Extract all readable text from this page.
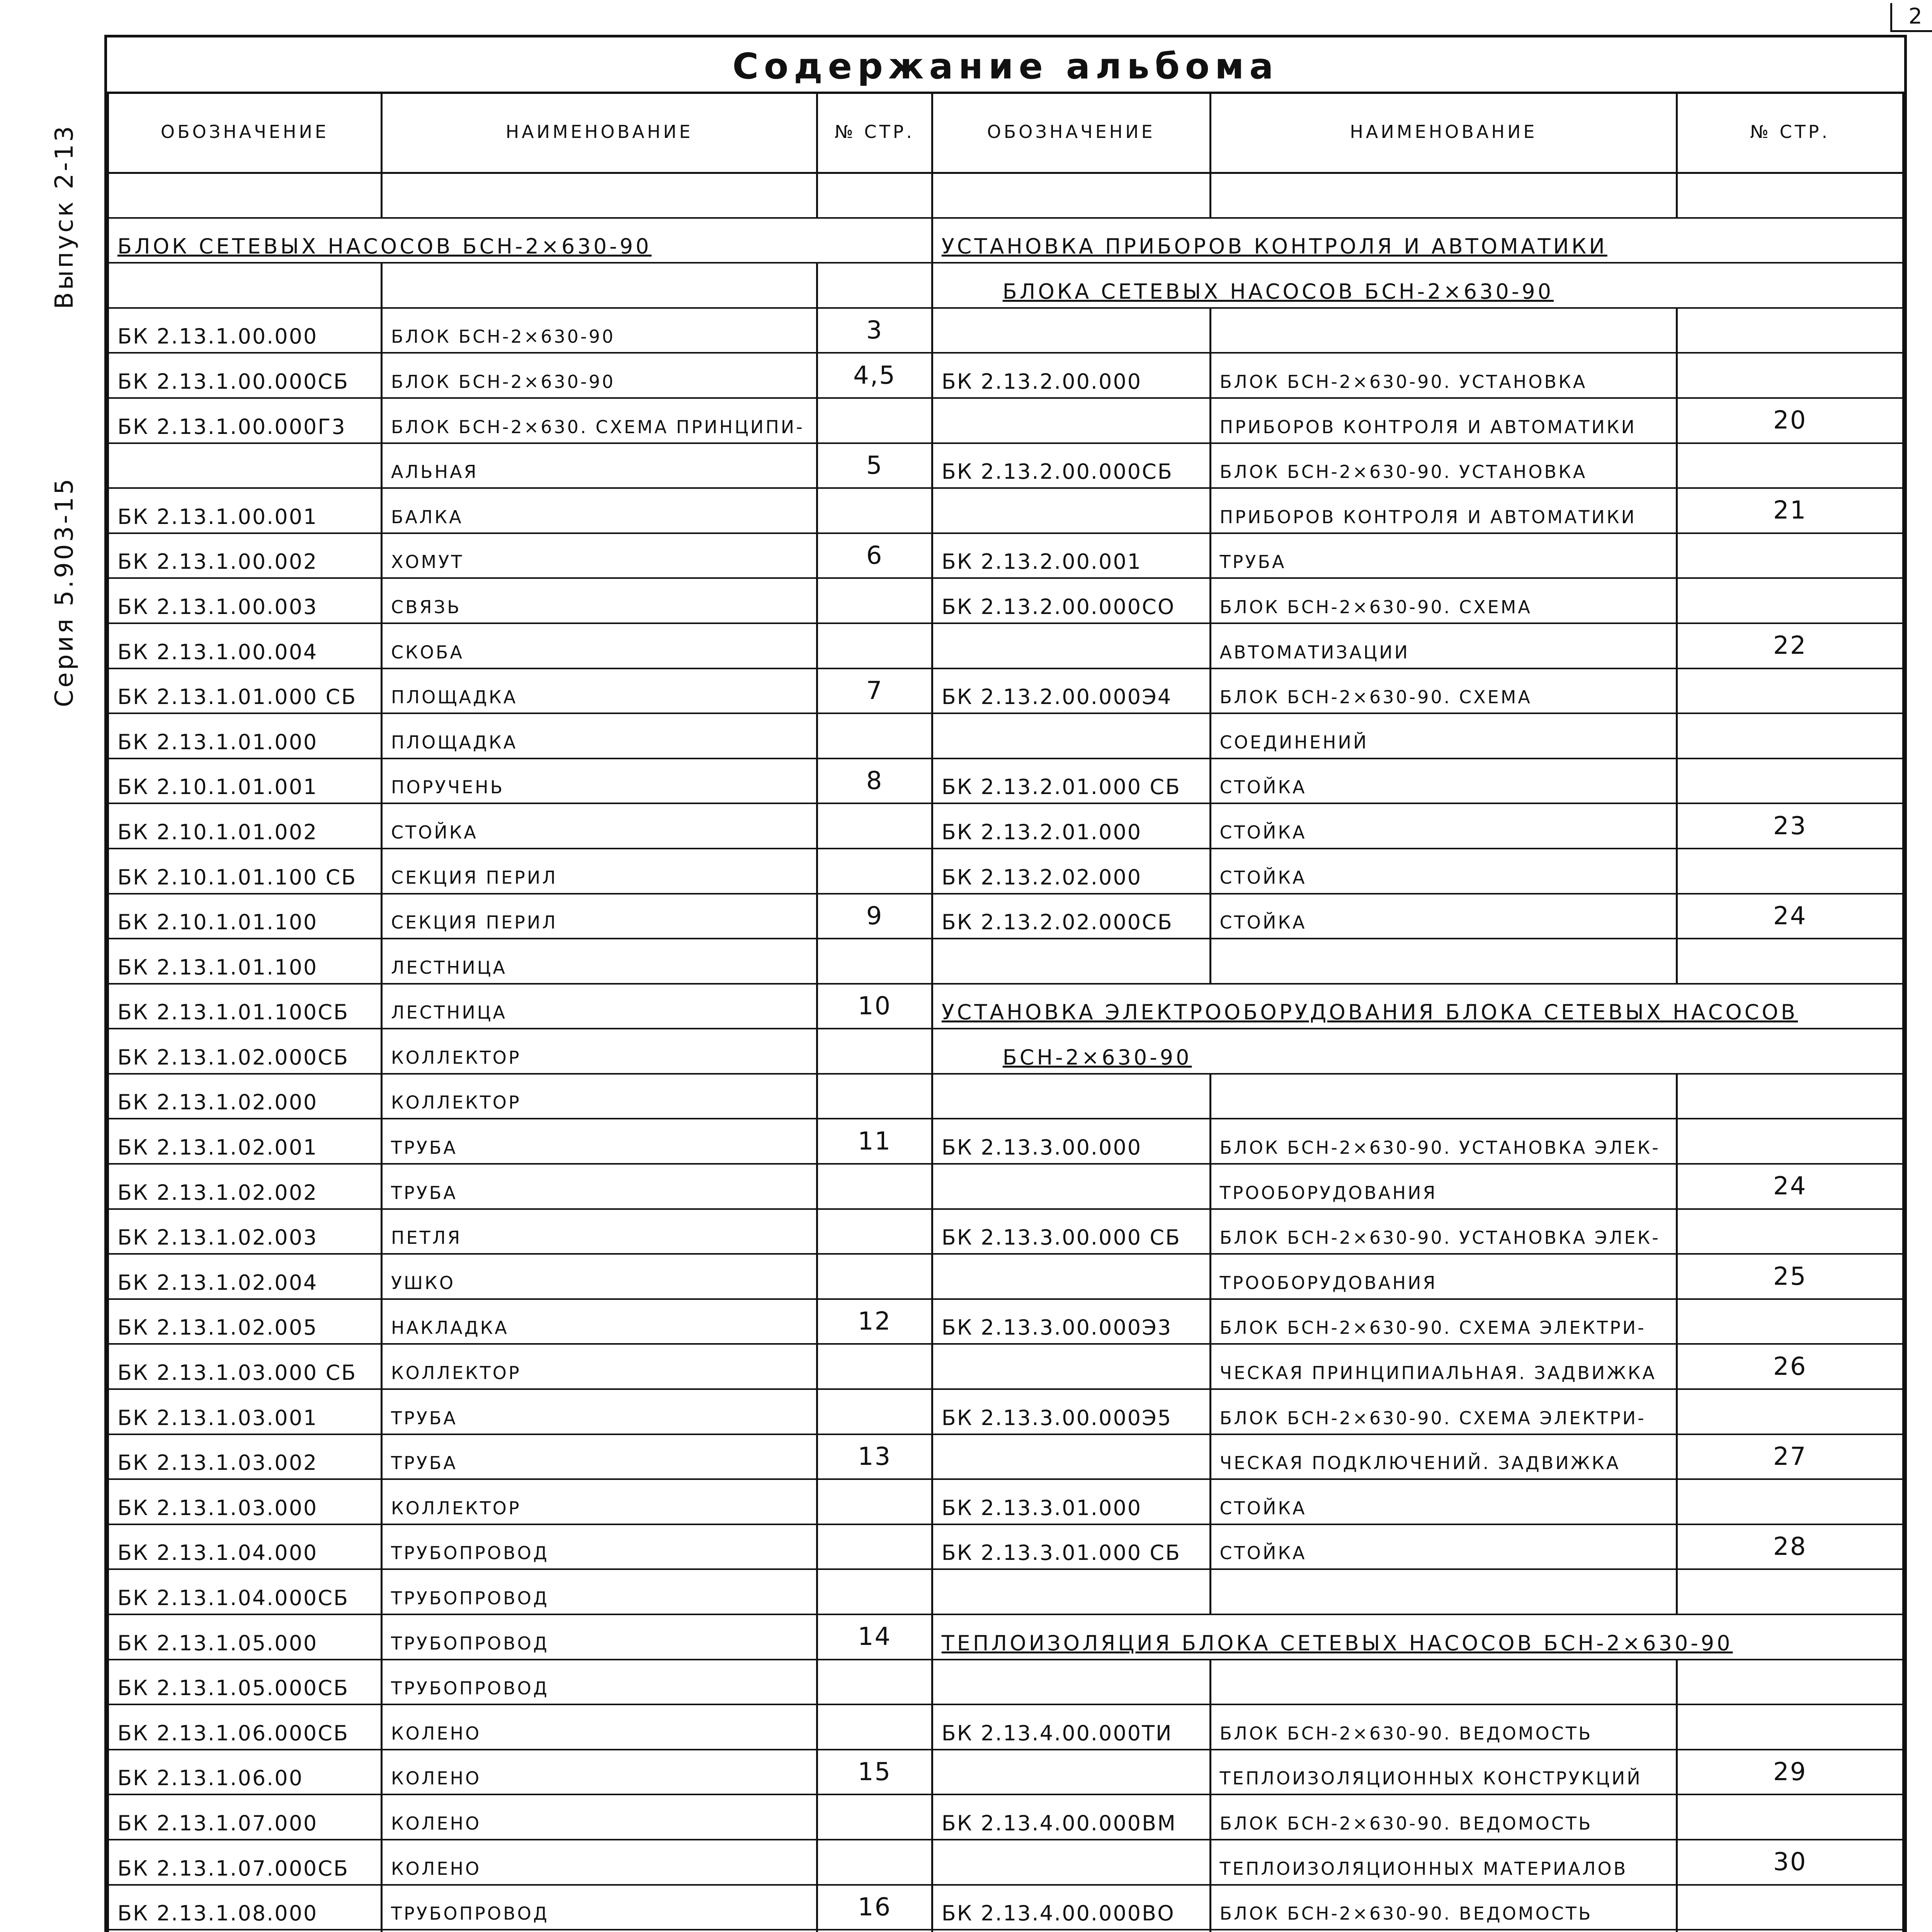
2
Выпуск 2-13
Серия 5.903-15
Содержание альбома
ОБОЗНАЧЕНИЕ	НАИМЕНОВАНИЕ	№ СТР.	ОБОЗНАЧЕНИЕ	НАИМЕНОВАНИЕ	№ СТР.

БЛОК СЕТЕВЫХ НАСОСОВ БСН-2×630-90			УСТАНОВКА ПРИБОРОВ КОНТРОЛЯ И АВТОМАТИКИ		
			БЛОКА СЕТЕВЫХ НАСОСОВ БСН-2×630-90		
БК 2.13.1.00.000	БЛОК БСН-2×630-90	3			
БК 2.13.1.00.000СБ	БЛОК БСН-2×630-90	4,5	БК 2.13.2.00.000	БЛОК БСН-2×630-90. УСТАНОВКА	
БК 2.13.1.00.000Г3	БЛОК БСН-2×630. СХЕМА ПРИНЦИПИ-			ПРИБОРОВ КОНТРОЛЯ И АВТОМАТИКИ	20
	АЛЬНАЯ	5	БК 2.13.2.00.000СБ	БЛОК БСН-2×630-90. УСТАНОВКА	
БК 2.13.1.00.001	БАЛКА			ПРИБОРОВ КОНТРОЛЯ И АВТОМАТИКИ	21
БК 2.13.1.00.002	ХОМУТ	6	БК 2.13.2.00.001	ТРУБА	
БК 2.13.1.00.003	СВЯЗЬ		БК 2.13.2.00.000СО	БЛОК БСН-2×630-90. СХЕМА	
БК 2.13.1.00.004	СКОБА			АВТОМАТИЗАЦИИ	22
БК 2.13.1.01.000 СБ	ПЛОЩАДКА	7	БК 2.13.2.00.000Э4	БЛОК БСН-2×630-90. СХЕМА	
БК 2.13.1.01.000	ПЛОЩАДКА			СОЕДИНЕНИЙ	
БК 2.10.1.01.001	ПОРУЧЕНЬ	8	БК 2.13.2.01.000 СБ	СТОЙКА	
БК 2.10.1.01.002	СТОЙКА		БК 2.13.2.01.000	СТОЙКА	23
БК 2.10.1.01.100 СБ	СЕКЦИЯ ПЕРИЛ		БК 2.13.2.02.000	СТОЙКА	
БК 2.10.1.01.100	СЕКЦИЯ ПЕРИЛ	9	БК 2.13.2.02.000СБ	СТОЙКА	24
БК 2.13.1.01.100	ЛЕСТНИЦА				
БК 2.13.1.01.100СБ	ЛЕСТНИЦА	10	УСТАНОВКА ЭЛЕКТРООБОРУДОВАНИЯ БЛОКА СЕТЕВЫХ НАСОСОВ		
БК 2.13.1.02.000СБ	КОЛЛЕКТОР		БСН-2×630-90		
БК 2.13.1.02.000	КОЛЛЕКТОР				
БК 2.13.1.02.001	ТРУБА	11	БК 2.13.3.00.000	БЛОК БСН-2×630-90. УСТАНОВКА ЭЛЕК-	
БК 2.13.1.02.002	ТРУБА			ТРООБОРУДОВАНИЯ	24
БК 2.13.1.02.003	ПЕТЛЯ		БК 2.13.3.00.000 СБ	БЛОК БСН-2×630-90. УСТАНОВКА ЭЛЕК-	
БК 2.13.1.02.004	УШКО			ТРООБОРУДОВАНИЯ	25
БК 2.13.1.02.005	НАКЛАДКА	12	БК 2.13.3.00.000Э3	БЛОК БСН-2×630-90. СХЕМА ЭЛЕКТРИ-	
БК 2.13.1.03.000 СБ	КОЛЛЕКТОР			ЧЕСКАЯ ПРИНЦИПИАЛЬНАЯ. ЗАДВИЖКА	26
БК 2.13.1.03.001	ТРУБА		БК 2.13.3.00.000Э5	БЛОК БСН-2×630-90. СХЕМА ЭЛЕКТРИ-	
БК 2.13.1.03.002	ТРУБА	13		ЧЕСКАЯ ПОДКЛЮЧЕНИЙ. ЗАДВИЖКА	27
БК 2.13.1.03.000	КОЛЛЕКТОР		БК 2.13.3.01.000	СТОЙКА	
БК 2.13.1.04.000	ТРУБОПРОВОД		БК 2.13.3.01.000 СБ	СТОЙКА	28
БК 2.13.1.04.000СБ	ТРУБОПРОВОД				
БК 2.13.1.05.000	ТРУБОПРОВОД	14	ТЕПЛОИЗОЛЯЦИЯ БЛОКА СЕТЕВЫХ НАСОСОВ БСН-2×630-90		
БК 2.13.1.05.000СБ	ТРУБОПРОВОД				
БК 2.13.1.06.000СБ	КОЛЕНО		БК 2.13.4.00.000ТИ	БЛОК БСН-2×630-90. ВЕДОМОСТЬ	
БК 2.13.1.06.00	КОЛЕНО	15		ТЕПЛОИЗОЛЯЦИОННЫХ КОНСТРУКЦИЙ	29
БК 2.13.1.07.000	КОЛЕНО		БК 2.13.4.00.000ВМ	БЛОК БСН-2×630-90. ВЕДОМОСТЬ	
БК 2.13.1.07.000СБ	КОЛЕНО			ТЕПЛОИЗОЛЯЦИОННЫХ МАТЕРИАЛОВ	30
БК 2.13.1.08.000	ТРУБОПРОВОД	16	БК 2.13.4.00.000ВО	БЛОК БСН-2×630-90. ВЕДОМОСТЬ	
